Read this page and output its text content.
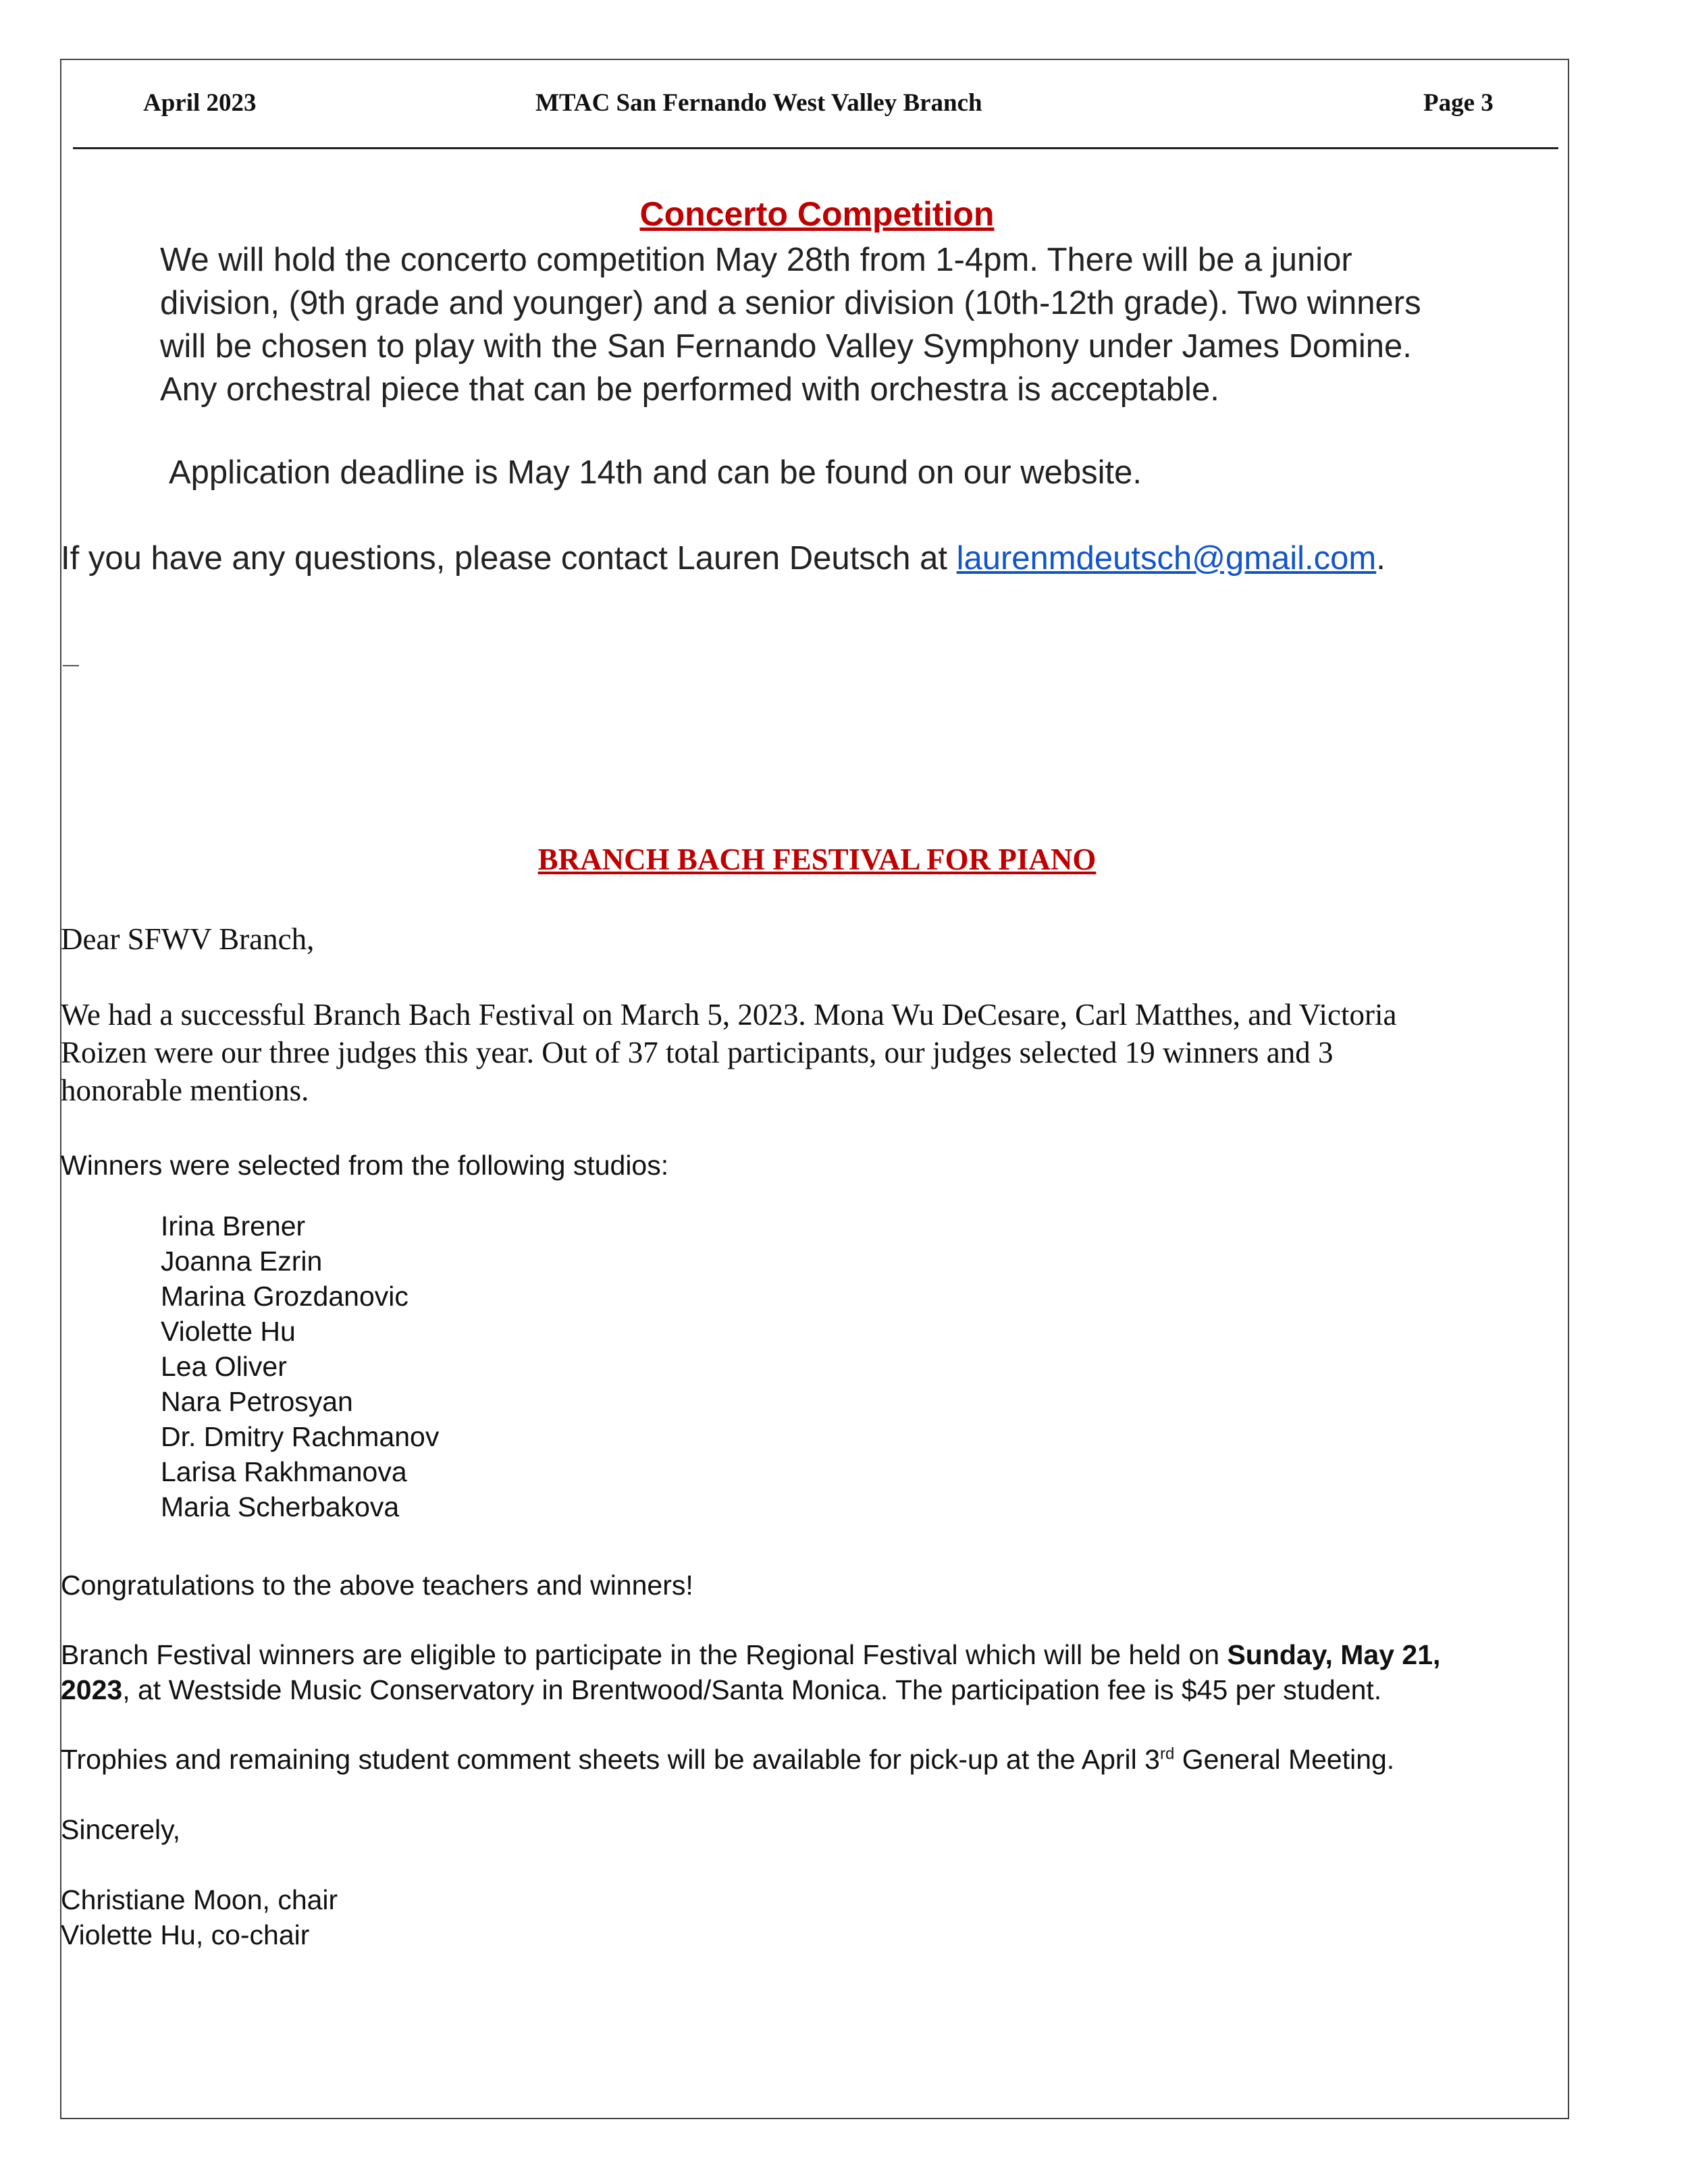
April 2023	MTAC San Fernando West Valley Branch	Page 3

Concerto Competition

We will hold the concerto competition May 28th from 1-4pm. There will be a junior
division, (9th grade and younger) and a senior division (10th-12th grade). Two winners
will be chosen to play with the San Fernando Valley Symphony under James Domine.
Any orchestral piece that can be performed with orchestra is acceptable.

Application deadline is May 14th and can be found on our website.

If you have any questions, please contact Lauren Deutsch at laurenmdeutsch@gmail.com.

BRANCH BACH FESTIVAL FOR PIANO

Dear SFWV Branch,

We had a successful Branch Bach Festival on March 5, 2023. Mona Wu DeCesare, Carl Matthes, and Victoria

Roizen were our three judges this year. Out of 37 total participants, our judges selected 19 winners and 3

honorable mentions.

Winners were selected from the following studios:

Irina Brener
Joanna Ezrin
Marina Grozdanovic
Violette Hu
Lea Oliver
Nara Petrosyan
Dr. Dmitry Rachmanov
Larisa Rakhmanova
Maria Scherbakova

Congratulations to the above teachers and winners!

Branch Festival winners are eligible to participate in the Regional Festival which will be held on Sunday, May 21,

2023, at Westside Music Conservatory in Brentwood/Santa Monica. The participation fee is $45 per student.

Trophies and remaining student comment sheets will be available for pick-up at the April 3rd General Meeting.

Sincerely,

Christiane Moon, chair

Violette Hu, co-chair
